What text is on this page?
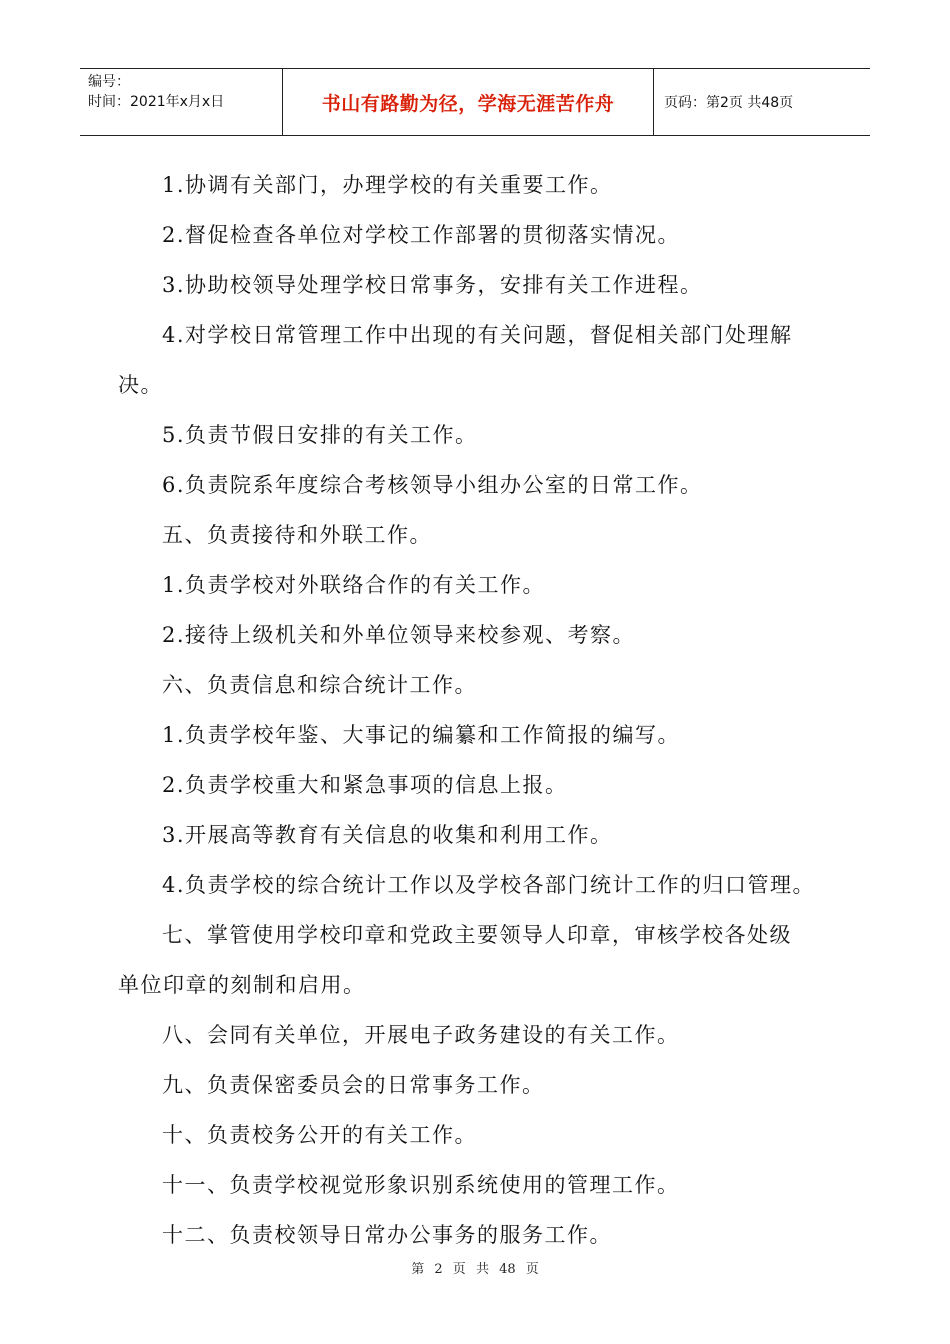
编号：
时间：2021年x月x日	书山有路勤为径，学海无涯苦作舟	页码：第2页 共48页
1.协调有关部门，办理学校的有关重要工作。
2.督促检查各单位对学校工作部署的贯彻落实情况。
3.协助校领导处理学校日常事务，安排有关工作进程。
4.对学校日常管理工作中出现的有关问题，督促相关部门处理解
决。
5.负责节假日安排的有关工作。
6.负责院系年度综合考核领导小组办公室的日常工作。
五、负责接待和外联工作。
1.负责学校对外联络合作的有关工作。
2.接待上级机关和外单位领导来校参观、考察。
六、负责信息和综合统计工作。
1.负责学校年鉴、大事记的编纂和工作简报的编写。
2.负责学校重大和紧急事项的信息上报。
3.开展高等教育有关信息的收集和利用工作。
4.负责学校的综合统计工作以及学校各部门统计工作的归口管理。
七、掌管使用学校印章和党政主要领导人印章，审核学校各处级
单位印章的刻制和启用。
八、会同有关单位，开展电子政务建设的有关工作。
九、负责保密委员会的日常事务工作。
十、负责校务公开的有关工作。
十一、负责学校视觉形象识别系统使用的管理工作。
十二、负责校领导日常办公事务的服务工作。
第 2 页 共 48 页
